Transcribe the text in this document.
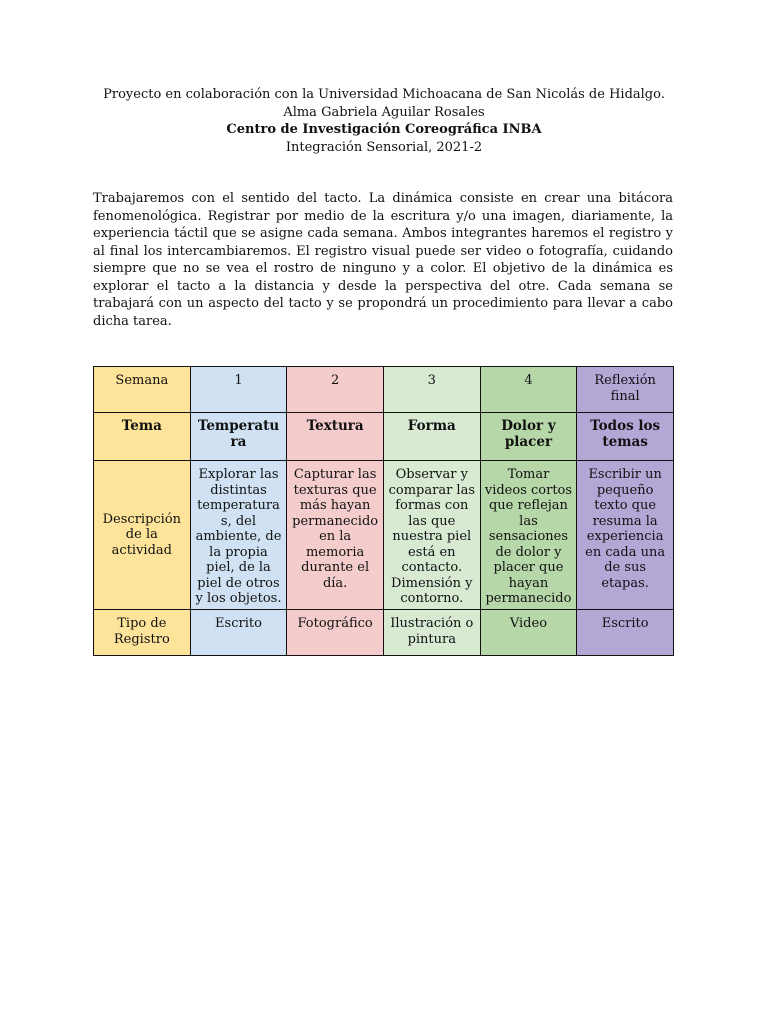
Proyecto en colaboración con la Universidad Michoacana de San Nicolás de Hidalgo.
Alma Gabriela Aguilar Rosales
Centro de Investigación Coreográfica INBA
Integración Sensorial, 2021-2
Trabajaremos con el sentido del tacto. La dinámica consiste en crear una bitácora fenomenológica. Registrar por medio de la escritura y/o una imagen, diariamente, la experiencia táctil que se asigne cada semana. Ambos integrantes haremos el registro y al final los intercambiaremos. El registro visual puede ser video o fotografía, cuidando siempre que no se vea el rostro de ninguno y a color. El objetivo de la dinámica es explorar el tacto a la distancia y desde la perspectiva del otre. Cada semana se trabajará con un aspecto del tacto y se propondrá un procedimiento para llevar a cabo dicha tarea.
Semana	1	2	3	4	Reflexión final
Tema	Temperatura	Textura	Forma	Dolor y placer	Todos los temas
Descripción de la actividad	Explorar las distintas temperaturas, del ambiente, de la propia piel, de la piel de otros y los objetos.	Capturar las texturas que más hayan permanecido en la memoria durante el día.	Observar y comparar las formas con las que nuestra piel está en contacto. Dimensión y contorno.	Tomar videos cortos que reflejan las sensaciones de dolor y placer que hayan permanecido	Escribir un pequeño texto que resuma la experiencia en cada una de sus etapas.
Tipo de Registro	Escrito	Fotográfico	Ilustración o pintura	Video	Escrito
